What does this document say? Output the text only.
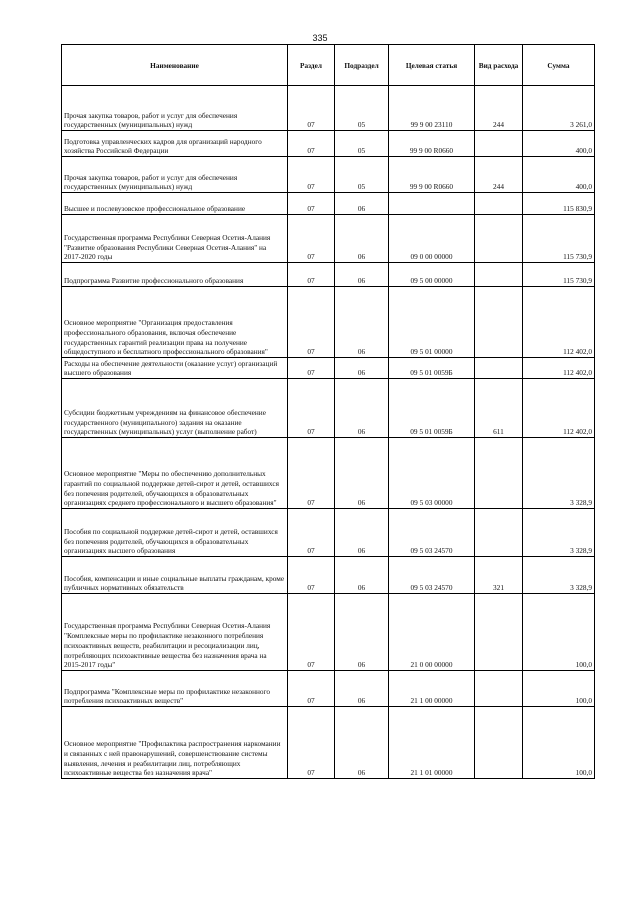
335
Наименование	Раздел	Подраздел	Целевая статья	Вид расхода	Сумма
Прочая закупка товаров, работ и услуг для обеспечения государственных (муниципальных) нужд	07	05	99 9 00 23110	244	3 261,0
Подготовка управленческих кадров для организаций народного хозяйства Российской Федерации	07	05	99 9 00 R0660		400,0
Прочая закупка товаров, работ и услуг для обеспечения государственных (муниципальных) нужд	07	05	99 9 00 R0660	244	400,0
Высшее и послевузовское профессиональное образование	07	06			115 830,9
Государственная программа Республики Северная Осетия-Алания "Развитие образования Республики Северная Осетия-Алания" на 2017-2020 годы	07	06	09 0 00 00000		115 730,9
Подпрограмма Развитие профессионального образования	07	06	09 5 00 00000		115 730,9
Основное мероприятие "Организация предоставления профессионального образования, включая обеспечение государственных гарантий реализации права на получение общедоступного и бесплатного профессионального образования"	07	06	09 5 01 00000		112 402,0
Расходы на обеспечение деятельности (оказание услуг) организаций высшего образования	07	06	09 5 01 0059Б		112 402,0
Субсидии бюджетным учреждениям на финансовое обеспечение государственного (муниципального) задания на оказание государственных (муниципальных) услуг (выполнение работ)	07	06	09 5 01 0059Б	611	112 402,0
Основное мероприятие "Меры по обеспечению дополнительных гарантий по социальной поддержке детей-сирот и детей, оставшихся без попечения родителей, обучающихся в образовательных организациях среднего профессионального и высшего образования"	07	06	09 5 03 00000		3 328,9
Пособия по социальной поддержке детей-сирот и детей, оставшихся без попечения родителей, обучающихся в образовательных организациях высшего образования	07	06	09 5 03 24570		3 328,9
Пособия, компенсации и иные социальные выплаты гражданам, кроме публичных нормативных обязательств	07	06	09 5 03 24570	321	3 328,9
Государственная программа Республики Северная Осетия-Алания "Комплексные меры по профилактике незаконного потребления психоактивных веществ, реабилитации и ресоциализации лиц, потребляющих психоактивные вещества без назначения врача на 2015-2017 годы"	07	06	21 0 00 00000		100,0
Подпрограмма "Комплексные меры по профилактике незаконного потребления психоактивных веществ"	07	06	21 1 00 00000		100,0
Основное мероприятие "Профилактика распространения наркомании и связанных с ней правонарушений, совершенствование системы выявления, лечения и реабилитации лиц, потребляющих психоактивные вещества без назначения врача"	07	06	21 1 01 00000		100,0
